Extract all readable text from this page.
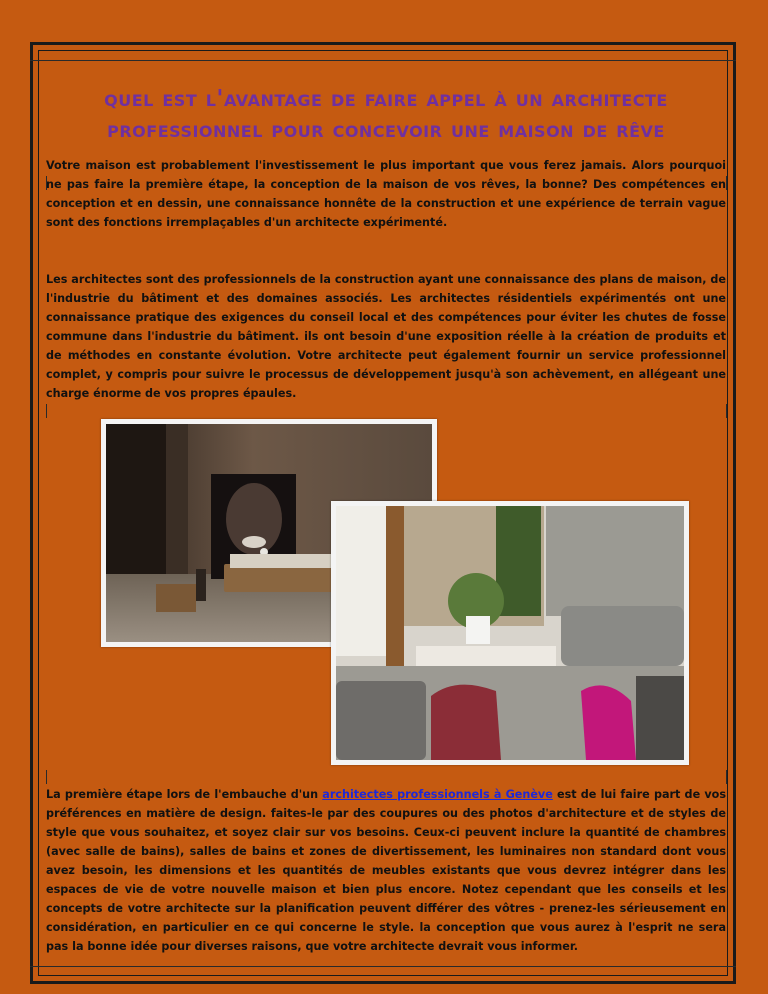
quel est l'avantage de faire appel à un architecte professionnel pour concevoir une maison de rêve

Votre maison est probablement l'investissement le plus important que vous ferez jamais. Alors pourquoi ne pas faire la première étape, la conception de la maison de vos rêves, la bonne? Des compétences en conception et en dessin, une connaissance honnête de la construction et une expérience de terrain vague sont des fonctions irremplaçables d'un architecte expérimenté.

Les architectes sont des professionnels de la construction ayant une connaissance des plans de maison, de l'industrie du bâtiment et des domaines associés. Les architectes résidentiels expérimentés ont une connaissance pratique des exigences du conseil local et des compétences pour éviter les chutes de fosse commune dans l'industrie du bâtiment. ils ont besoin d'une exposition réelle à la création de produits et de méthodes en constante évolution. Votre architecte peut également fournir un service professionnel complet, y compris pour suivre le processus de développement jusqu'à son achèvement, en allégeant une charge énorme de vos propres épaules.

La première étape lors de l'embauche d'un architectes professionnels à Genève est de lui faire part de vos préférences en matière de design. faites-le par des coupures ou des photos d'architecture et de styles de style que vous souhaitez, et soyez clair sur vos besoins. Ceux-ci peuvent inclure la quantité de chambres (avec salle de bains), salles de bains et zones de divertissement, les luminaires non standard dont vous avez besoin, les dimensions et les quantités de meubles existants que vous devrez intégrer dans les espaces de vie de votre nouvelle maison et bien plus encore. Notez cependant que les conseils et les concepts de votre architecte sur la planification peuvent différer des vôtres - prenez-les sérieusement en considération, en particulier en ce qui concerne le style. la conception que vous aurez à l'esprit ne sera pas la bonne idée pour diverses raisons, que votre architecte devrait vous informer.
